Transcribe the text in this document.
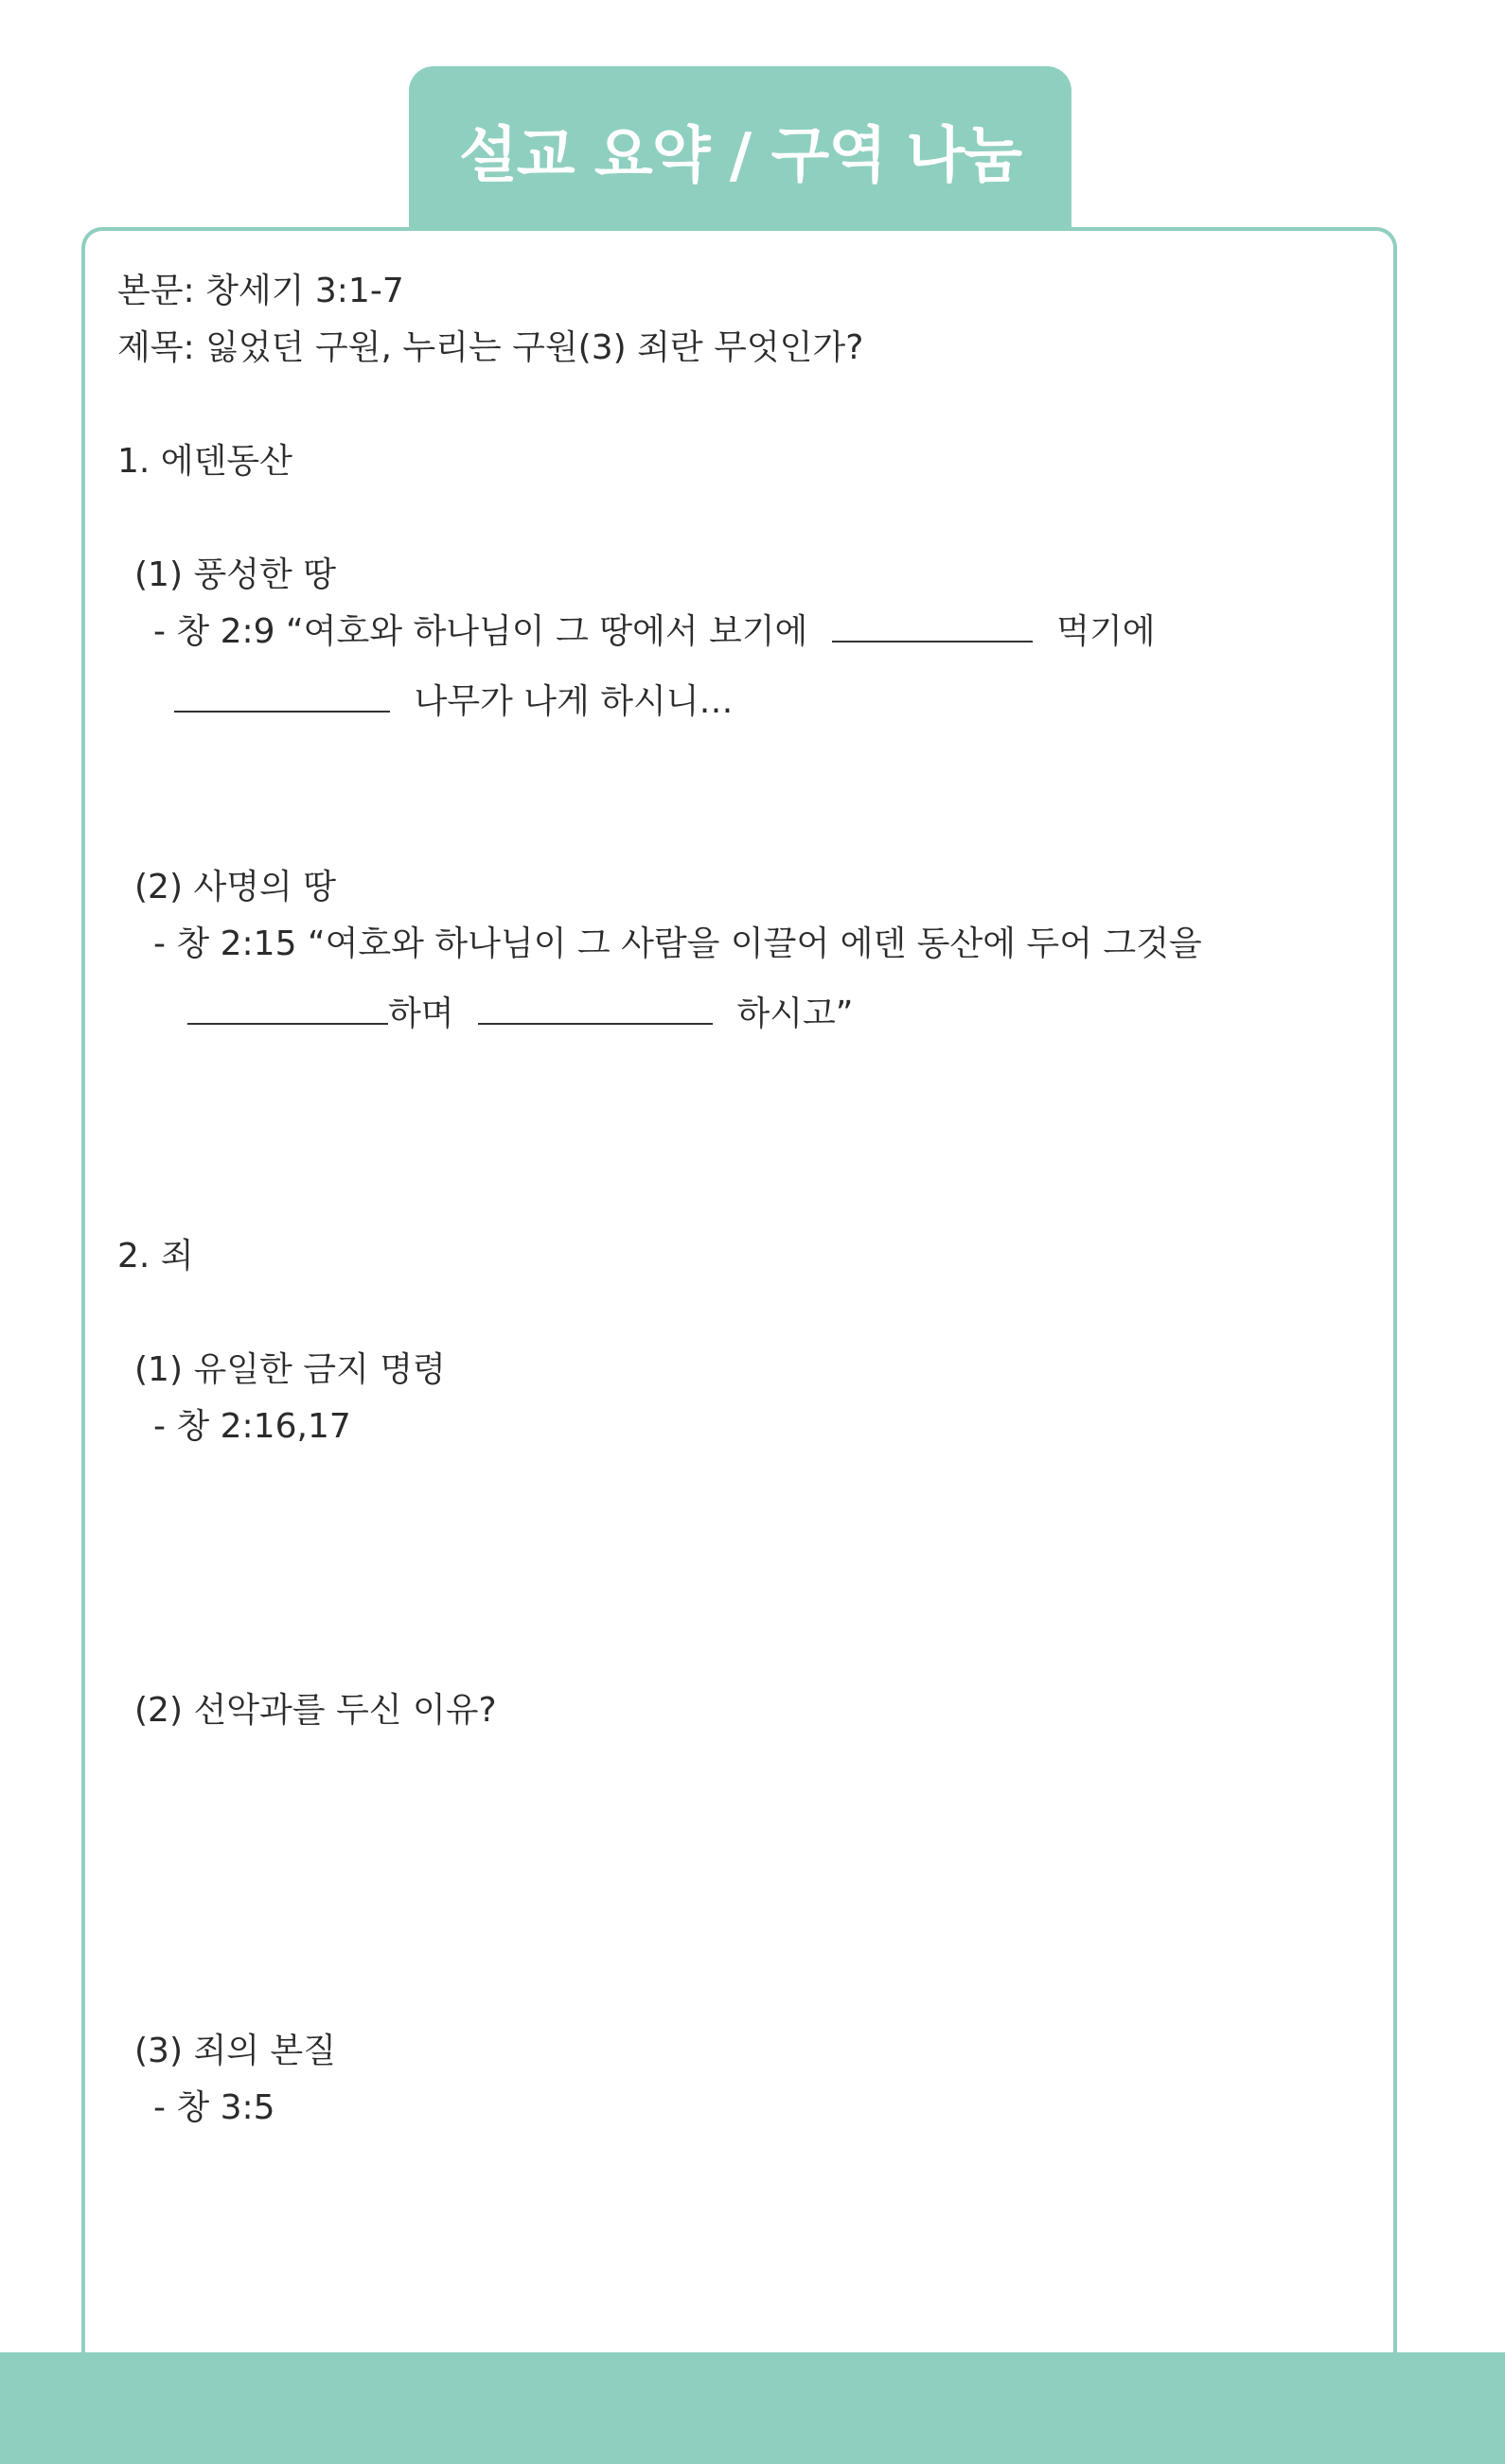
설교 요약 / 구역 나눔
본문: 창세기 3:1-7
제목: 잃었던 구원, 누리는 구원(3) 죄란 무엇인가?
1. 에덴동산
(1) 풍성한 땅
- 창 2:9 “여호와 하나님이 그 땅에서 보기에	먹기에
나무가 나게 하시니…
(2) 사명의 땅
- 창 2:15 “여호와 하나님이 그 사람을 이끌어 에덴 동산에 두어 그것을
하며	하시고”
2. 죄
(1) 유일한 금지 명령
- 창 2:16,17
(2) 선악과를 두신 이유?
(3) 죄의 본질
- 창 3:5
